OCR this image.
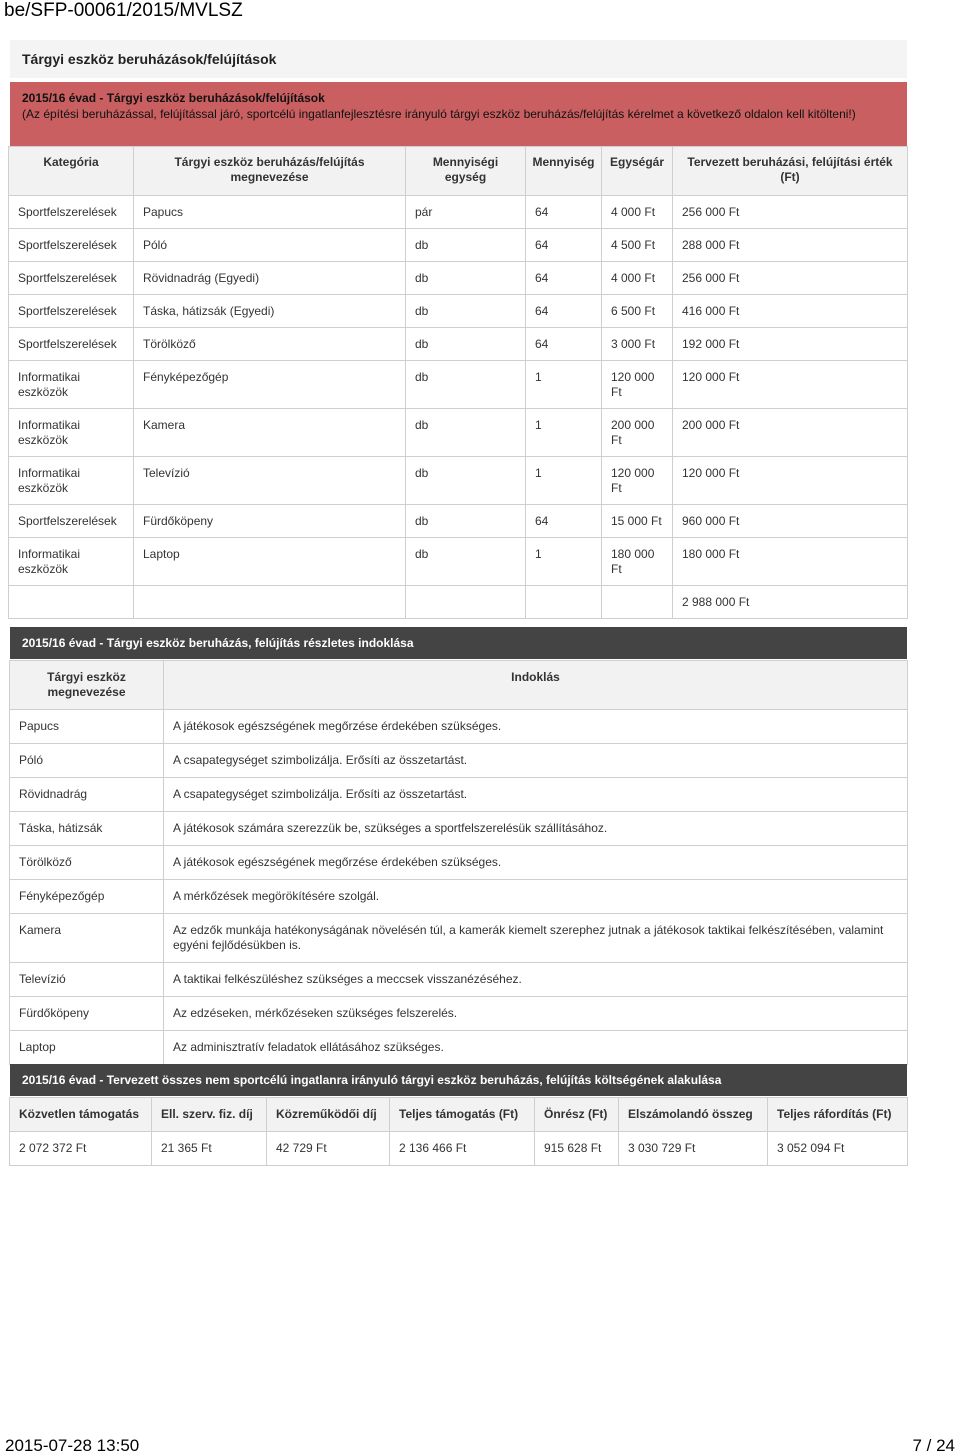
be/SFP-00061/2015/MVLSZ
Tárgyi eszköz beruházások/felújítások
2015/16 évad - Tárgyi eszköz beruházások/felújítások
(Az építési beruházással, felújítással járó, sportcélú ingatlanfejlesztésre irányuló tárgyi eszköz beruházás/felújítás kérelmet a következő oldalon kell kitölteni!)
Kategória	Tárgyi eszköz beruházás/felújítás megnevezése	Mennyiségi egység	Mennyiség	Egységár	Tervezett beruházási, felújítási érték (Ft)
Sportfelszerelések	Papucs	pár	64	4 000 Ft	256 000 Ft
Sportfelszerelések	Póló	db	64	4 500 Ft	288 000 Ft
Sportfelszerelések	Rövidnadrág (Egyedi)	db	64	4 000 Ft	256 000 Ft
Sportfelszerelések	Táska, hátizsák (Egyedi)	db	64	6 500 Ft	416 000 Ft
Sportfelszerelések	Törölköző	db	64	3 000 Ft	192 000 Ft
Informatikai eszközök	Fényképezőgép	db	1	120 000 Ft	120 000 Ft
Informatikai eszközök	Kamera	db	1	200 000 Ft	200 000 Ft
Informatikai eszközök	Televízió	db	1	120 000 Ft	120 000 Ft
Sportfelszerelések	Fürdőköpeny	db	64	15 000 Ft	960 000 Ft
Informatikai eszközök	Laptop	db	1	180 000 Ft	180 000 Ft
					2 988 000 Ft
2015/16 évad - Tárgyi eszköz beruházás, felújítás részletes indoklása
Tárgyi eszköz megnevezése	Indoklás
Papucs	A játékosok egészségének megőrzése érdekében szükséges.
Póló	A csapategységet szimbolizálja. Erősíti az összetartást.
Rövidnadrág	A csapategységet szimbolizálja. Erősíti az összetartást.
Táska, hátizsák	A játékosok számára szerezzük be, szükséges a sportfelszerelésük szállításához.
Törölköző	A játékosok egészségének megőrzése érdekében szükséges.
Fényképezőgép	A mérkőzések megörökítésére szolgál.
Kamera	Az edzők munkája hatékonyságának növelésén túl, a kamerák kiemelt szerephez jutnak a játékosok taktikai felkészítésében, valamint egyéni fejlődésükben is.
Televízió	A taktikai felkészüléshez szükséges a meccsek visszanézéséhez.
Fürdőköpeny	Az edzéseken, mérkőzéseken szükséges felszerelés.
Laptop	Az adminisztratív feladatok ellátásához szükséges.
2015/16 évad - Tervezett összes nem sportcélú ingatlanra irányuló tárgyi eszköz beruházás, felújítás költségének alakulása
Közvetlen támogatás	Ell. szerv. fiz. díj	Közreműködői díj	Teljes támogatás (Ft)	Önrész (Ft)	Elszámolandó összeg	Teljes ráfordítás (Ft)
2 072 372 Ft	21 365 Ft	42 729 Ft	2 136 466 Ft	915 628 Ft	3 030 729 Ft	3 052 094 Ft
2015-07-28 13:50	7 / 24
